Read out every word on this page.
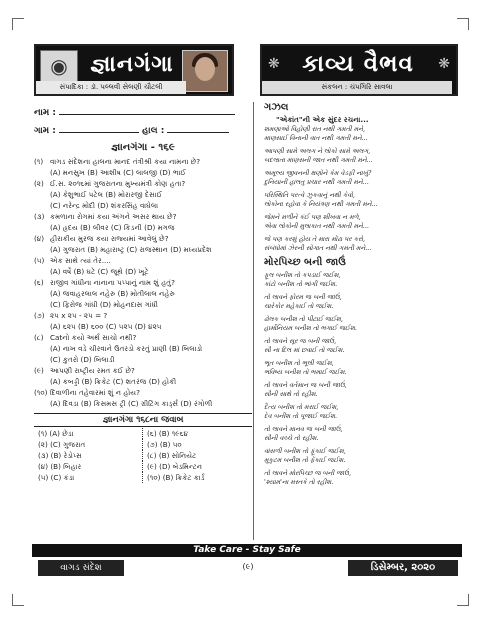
◉	જ્ઞાનગંગા
સંપાદિકા : ડૉ. પલ્લવી સેલણી ચૌટલી
❋ કાવ્ય વૈભવ	❋
સંકલન : ચંપગિરિ સાવલા
નામ :
ગામ :	હાલ :
જ્ઞાનગંગા - ૧૬૯
(૧) વાગડ સંદેશના હાલના માનદ તંત્રીશ્રી કયા નામના છે?
(A) મનસુખ (B) આશીષ (C) લાલજી (D) ભાઈ
(૨) ઈ.સ. ૨૦૧૬માં ગુજરાતના મુખ્યમંત્રી કોણ હતા?
(A) કેશુભાઈ પટેલ (B) મોરારજી દેસાઈ
(C) નરેન્દ્ર મોદી (D) શંકરસિંહ વાઘેલા
(૩) કમળાના રોગમાં કયા અંગને અસર થાય છે?
(A) હૃદય (B) લીવર (C) કિડની (D) મગજ
(૪) હીરાકીય મુરજ કયા રાજ્યમાં આવેલું છે?
(A) ગુજરાત (B) મહારાષ્ટ્ર (C) રાજસ્થાન (D) મધ્યપ્રદેશ
(૫) એક સાથે ત્યાં તેર....
(A) વર્ષે (B) ઘટે (C) જૂથે (D) ખૂટે
(૬) રાજીવ ગાંધીના નાનાના પપ્પાનું નામ શું હતું?
(A) જવાહરલાલ નહેરુ (B) મોતીલાલ નહેરુ
(C) ફિરોજ ગાંધી (D) મોહનદાસ ગાંધી
(૭) ૨૫ x ૨૫ - ૨૫ = ?
(A) ૬૨૫ (B) ૬૦૦ (C) ૫૨૫ (D) ૪૨૫
(૮) Catનો કયો અર્થ સાચો નથી?
(A) નાખ વડે ચીરવાને ઉતરડો કરતું પ્રાણી (B) બિલાડો
(C) કુતરો (D) બિલાડી
(૯) આપણી રાષ્ટ્રીય રમત કઈ છે?
(A) કબડ્ડી (B) ક્રિકેટ (C) શતરંજ (D) હોકી
(૧૦) દિવાળીના તહેવારમાં શું ન હોય?
(A) દિવડા (B) કિસમસ ટ્રી (C) ગ્રીટિંગ કાર્ડ્સ (D) રંગોળી
જ્ઞાનગંગા ૧૬૮ના જવાબ
(૧) (A) છેડા	(૬) (B) ૧૯૬૪
(૨) (C) ગુજરાત	(૭) (B) ૫૦
(૩) (B) રેડોપ્સ	(૮) (B) સોનિયેટ
(૪) (B) બિહાર	(૯) (D) બેડમિન્ટન
(૫) (C) કંડા	(૧૦) (B) ક્રિકેટ કાર્ડ
ગઝલ
"એકાંત"ની એક સુંદર રચના...
શમણાઓ વિહોણી રાત નથી ગમતી મને,
માણસાઈ વિનાની વાત નથી ગમતી મને...
આપણી સામે અલગ ને લોકો સામે અલગ,
બદલાતા માણસની જાત નથી ગમતી મને...
અમૂલ્ય જીવનની ક્ષણોને કેમ વેડફી નાખું?
દુનિયાની હાલતુ પ્રચાર નથી ગમતી મને...
પરિસ્થિતિ પરત્વે ઝુકવાનું નથી કેવો,
લોકોના રહોવા કે નિયંત્રણ નથી ગમતી મને...
જેમને મળીને કંઈ પણ શીખવા ન મળે,
એવા લોકોની મુલાકાત નથી ગમતી મને...
જે પણ કરશું હોય તે મારા મોંઢા પર કરો,
સંબંધોમાં ઝેરની સોગાત નથી ગમતી મને...
મોરપિચ્છ બની જાઉં
ફૂલ બનીશ તો કપડાઈ જઈશ,
કાંટો બનીશ તો ભાંગી જઈશ.
તો લાવને ફોરમ જ બની જાઉં,
ચારેકોર મહેકાઈ તો જઈશ.
ઢોલક બનીશ તો પીટાઈ જઈશ,
હાર્મોનિયમ બનીશ તો ભગાઈ જઈશ.
તો લાવને સૂર જ બની જાઉં,
સૌ ના દિલ માં છવાઈ તો જઈશ.
ભૂત બનીશ તો ભૂલી જઈશ,
ભવિષ્ય બનીશ તો ભમાઈ જઈશ.
તો લાવને વર્તમાન જ બની જાઉં,
સૌની સાથે તો રહીશ.
દૈત્ય બનીશ તો મરાઈ જઈશ,
દેવ બનીશ તો પૂજાઈ જઈશ.
તો લાવને માનવ જ બની જાઉં,
સૌની વચ્ચે તો રહીશ.
વાંસળી બનીશ તો ફૂંકાઈ જઈશ,
મુકુટમ બનીશ તો ફેંકાઈ જઈશ.
તો લાવને મોરપિચ્છ જ બની જાઉં,
'શ્યામ'ના મસ્તકે તો રહીશ.
Take Care - Stay Safe
વાગડ સંદેશ	(૯)	ડિસેમ્બર, ૨૦૨૦
